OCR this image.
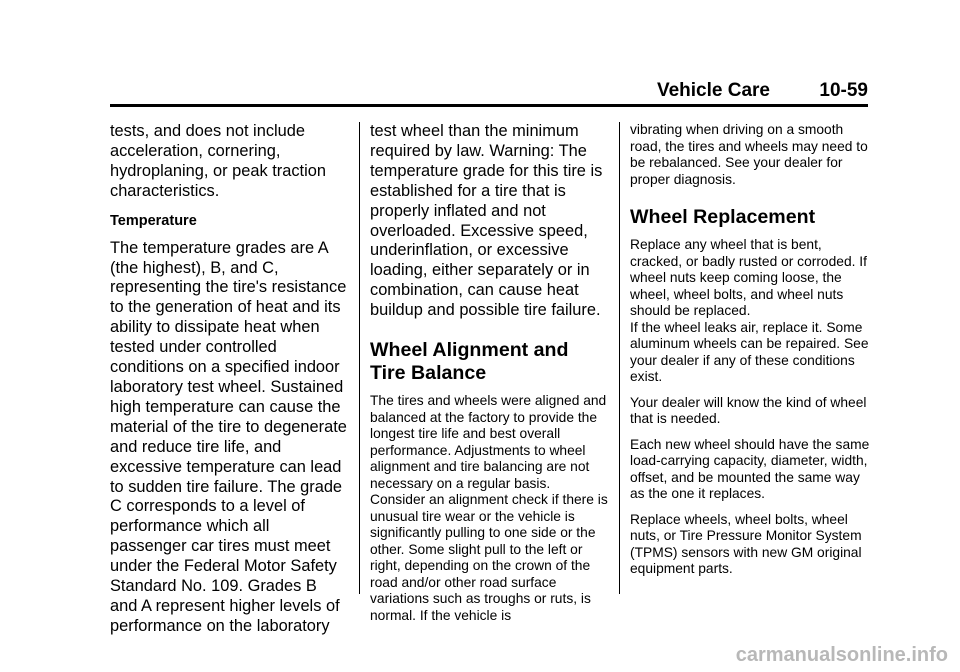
Vehicle Care	10-59

tests, and does not include acceleration, cornering, hydroplaning, or peak traction characteristics.

Temperature

The temperature grades are A (the highest), B, and C, representing the tire's resistance to the generation of heat and its ability to dissipate heat when tested under controlled conditions on a specified indoor laboratory test wheel. Sustained high temperature can cause the material of the tire to degenerate and reduce tire life, and excessive temperature can lead to sudden tire failure. The grade C corresponds to a level of performance which all passenger car tires must meet under the Federal Motor Safety Standard No. 109. Grades B and A represent higher levels of performance on the laboratory

test wheel than the minimum required by law. Warning: The temperature grade for this tire is established for a tire that is properly inflated and not overloaded. Excessive speed, underinflation, or excessive loading, either separately or in combination, can cause heat buildup and possible tire failure.

Wheel Alignment and Tire Balance

The tires and wheels were aligned and balanced at the factory to provide the longest tire life and best overall performance. Adjustments to wheel alignment and tire balancing are not necessary on a regular basis. Consider an alignment check if there is unusual tire wear or the vehicle is significantly pulling to one side or the other. Some slight pull to the left or right, depending on the crown of the road and/or other road surface variations such as troughs or ruts, is normal. If the vehicle is

vibrating when driving on a smooth road, the tires and wheels may need to be rebalanced. See your dealer for proper diagnosis.

Wheel Replacement

Replace any wheel that is bent, cracked, or badly rusted or corroded. If wheel nuts keep coming loose, the wheel, wheel bolts, and wheel nuts should be replaced.

If the wheel leaks air, replace it. Some aluminum wheels can be repaired. See your dealer if any of these conditions exist.

Your dealer will know the kind of wheel that is needed.

Each new wheel should have the same load-carrying capacity, diameter, width, offset, and be mounted the same way as the one it replaces.

Replace wheels, wheel bolts, wheel nuts, or Tire Pressure Monitor System (TPMS) sensors with new GM original equipment parts.

carmanualsonline.info
